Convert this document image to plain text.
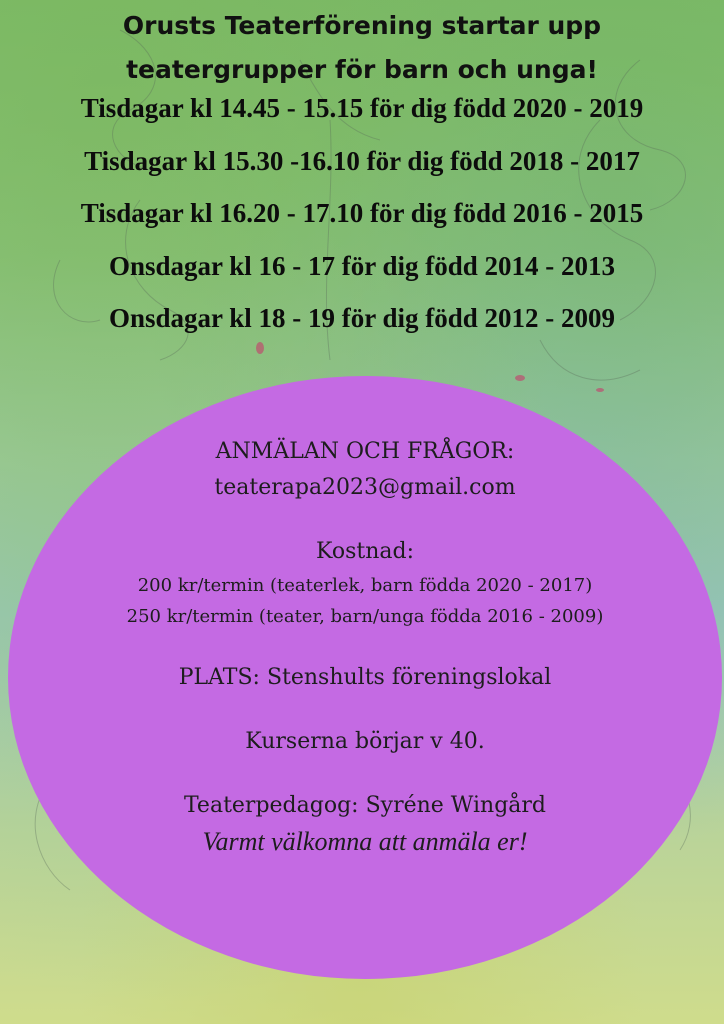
Orusts Teaterförening startar upp
teatergrupper för barn och unga!
Tisdagar kl 14.45 - 15.15 för dig född 2020 - 2019
Tisdagar kl 15.30 -16.10 för dig född 2018 - 2017
Tisdagar kl 16.20 - 17.10 för dig född 2016 - 2015
Onsdagar kl 16 - 17 för dig född 2014 - 2013
Onsdagar kl 18 - 19 för dig född 2012 - 2009
ANMÄLAN OCH FRÅGOR:
teaterapa2023@gmail.com
Kostnad:
200 kr/termin (teaterlek, barn födda 2020 - 2017)
250 kr/termin (teater, barn/unga födda 2016 - 2009)
PLATS: Stenshults föreningslokal
Kurserna börjar v 40.
Teaterpedagog: Syréne Wingård
Varmt välkomna att anmäla er!
